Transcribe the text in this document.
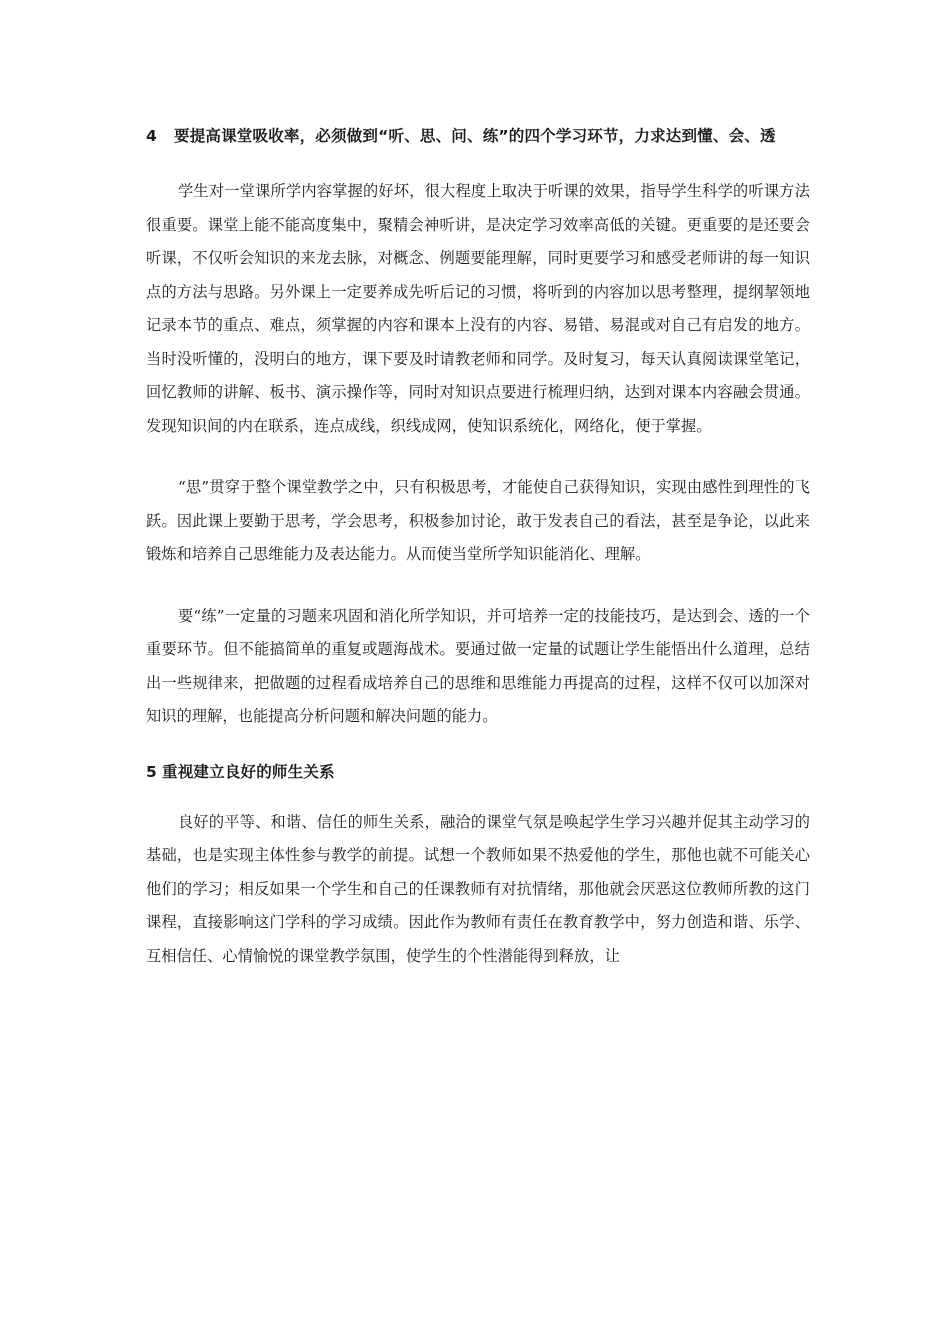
4 要提高课堂吸收率，必须做到“听、思、问、练”的四个学习环节，力求达到懂、会、透

学生对一堂课所学内容掌握的好坏，很大程度上取决于听课的效果，指导学生科学的听课方法很重要。课堂上能不能高度集中，聚精会神听讲，是决定学习效率高低的关键。更重要的是还要会听课，不仅听会知识的来龙去脉，对概念、例题要能理解，同时更要学习和感受老师讲的每一知识点的方法与思路。另外课上一定要养成先听后记的习惯，将听到的内容加以思考整理，提纲挈领地记录本节的重点、难点，须掌握的内容和课本上没有的内容、易错、易混或对自己有启发的地方。当时没听懂的，没明白的地方，课下要及时请教老师和同学。及时复习，每天认真阅读课堂笔记，回忆教师的讲解、板书、演示操作等，同时对知识点要进行梳理归纳，达到对课本内容融会贯通。发现知识间的内在联系，连点成线，织线成网，使知识系统化，网络化，便于掌握。

“思”贯穿于整个课堂教学之中，只有积极思考，才能使自己获得知识，实现由感性到理性的飞跃。因此课上要勤于思考，学会思考，积极参加讨论，敢于发表自己的看法，甚至是争论，以此来锻炼和培养自己思维能力及表达能力。从而使当堂所学知识能消化、理解。

要“练”一定量的习题来巩固和消化所学知识，并可培养一定的技能技巧，是达到会、透的一个重要环节。但不能搞简单的重复或题海战术。要通过做一定量的试题让学生能悟出什么道理，总结出一些规律来，把做题的过程看成培养自己的思维和思维能力再提高的过程，这样不仅可以加深对知识的理解，也能提高分析问题和解决问题的能力。

5 重视建立良好的师生关系

良好的平等、和谐、信任的师生关系，融洽的课堂气氛是唤起学生学习兴趣并促其主动学习的基础，也是实现主体性参与教学的前提。试想一个教师如果不热爱他的学生，那他也就不可能关心他们的学习；相反如果一个学生和自己的任课教师有对抗情绪，那他就会厌恶这位教师所教的这门课程，直接影响这门学科的学习成绩。因此作为教师有责任在教育教学中，努力创造和谐、乐学、互相信任、心情愉悦的课堂教学氛围，使学生的个性潜能得到释放，让
